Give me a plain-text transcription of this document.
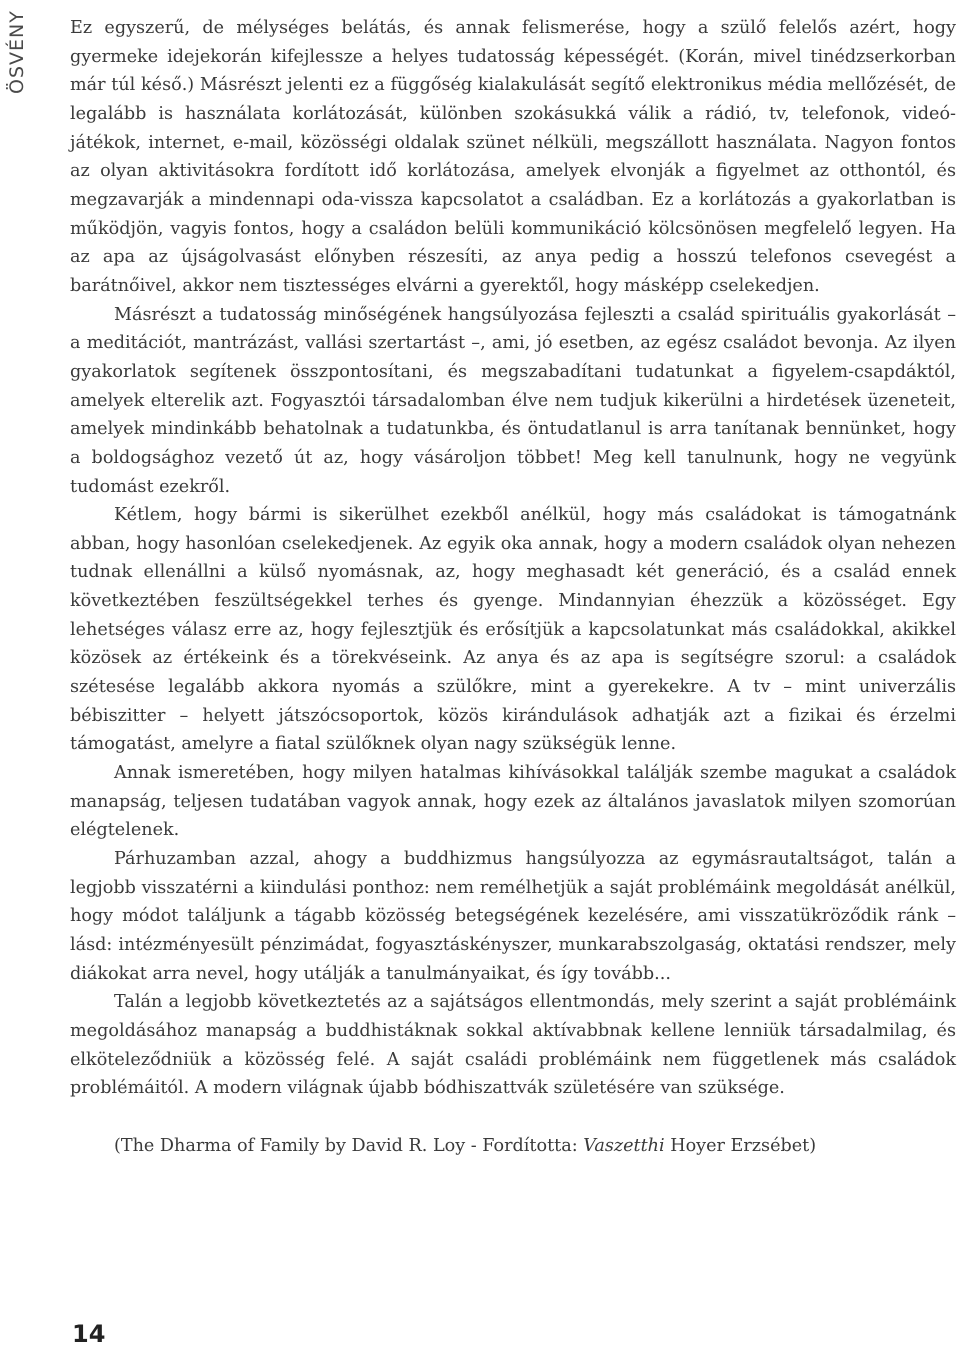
ÖSVÉNY Ez egyszerű, de mélységes belátás, és annak felismerése, hogy a szülő felelős azért, hogy gyermeke idejekorán kifejlessze a helyes tudatosság képességét. (Korán, mivel tinédzserkorban már túl késő.) Másrészt jelenti ez a függőség kialakulását segítő elektronikus média mellőzését, de legalább is használata korlátozását, különben szokásukká válik a rádió, tv, telefonok, videó-játékok, internet, e-mail, közösségi oldalak szünet nélküli, megszállott használata. Nagyon fontos az olyan aktivitásokra fordított idő korlátozása, amelyek elvonják a figyelmet az otthontól, és megzavarják a mindennapi oda-vissza kapcsolatot a családban. Ez a korlátozás a gyakorlatban is működjön, vagyis fontos, hogy a családon belüli kommunikáció kölcsönösen megfelelő legyen. Ha az apa az újságolvasást előnyben részesíti, az anya pedig a hosszú telefonos csevegést a barátnőivel, akkor nem tisztességes elvárni a gyerektől, hogy másképp cselekedjen.

Másrészt a tudatosság minőségének hangsúlyozása fejleszti a család spirituális gyakorlását – a meditációt, mantrázást, vallási szertartást –, ami, jó esetben, az egész családot bevonja. Az ilyen gyakorlatok segítenek összpontosítani, és megszabadítani tudatunkat a figyelem-csapdáktól, amelyek elterelik azt. Fogyasztói társadalomban élve nem tudjuk kikerülni a hirdetések üzeneteit, amelyek mindinkább behatolnak a tudatunkba, és öntudatlanul is arra tanítanak bennünket, hogy a boldogsághoz vezető út az, hogy vásároljon többet! Meg kell tanulnunk, hogy ne vegyünk tudomást ezekről.

Kétlem, hogy bármi is sikerülhet ezekből anélkül, hogy más családokat is támogatnánk abban, hogy hasonlóan cselekedjenek. Az egyik oka annak, hogy a modern családok olyan nehezen tudnak ellenállni a külső nyomásnak, az, hogy meghasadt két generáció, és a család ennek következtében feszültségekkel terhes és gyenge. Mindannyian éhezzük a közösséget. Egy lehetséges válasz erre az, hogy fejlesztjük és erősítjük a kapcsolatunkat más családokkal, akikkel közösek az értékeink és a törekvéseink. Az anya és az apa is segítségre szorul: a családok szétesése legalább akkora nyomás a szülőkre, mint a gyerekekre. A tv – mint univerzális bébiszitter – helyett játszócsoportok, közös kirándulások adhatják azt a fizikai és érzelmi támogatást, amelyre a fiatal szülőknek olyan nagy szükségük lenne.

Annak ismeretében, hogy milyen hatalmas kihívásokkal találják szembe magukat a családok manapság, teljesen tudatában vagyok annak, hogy ezek az általános javaslatok milyen szomorúan elégtelenek.

Párhuzamban azzal, ahogy a buddhizmus hangsúlyozza az egymásrautaltságot, talán a legjobb visszatérni a kiindulási ponthoz: nem remélhetjük a saját problémáink megoldását anélkül, hogy módot találjunk a tágabb közösség betegségének kezelésére, ami visszatükröződik ránk – lásd: intézményesült pénzimádat, fogyasztáskényszer, munkarabszolgaság, oktatási rendszer, mely diákokat arra nevel, hogy utálják a tanulmányaikat, és így tovább...

Talán a legjobb következtetés az a sajátságos ellentmondás, mely szerint a saját problémáink megoldásához manapság a buddhistáknak sokkal aktívabbnak kellene lenniük társadalmilag, és elköteleződniük a közösség felé. A saját családi problémáink nem függetlenek más családok problémáitól. A modern világnak újabb bódhiszattvák születésére van szüksége.

(The Dharma of Family by David R. Loy - Fordította: Vaszetthi Hoyer Erzsébet)

14
